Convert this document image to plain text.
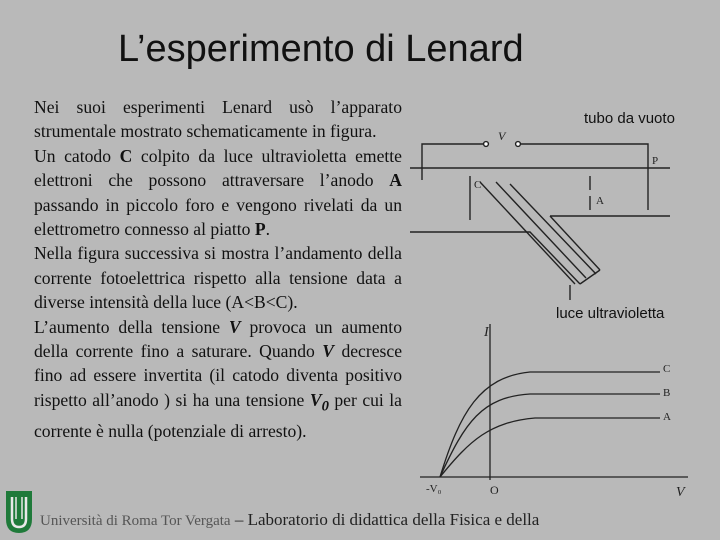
L’esperimento di Lenard

Nei suoi esperimenti Lenard usò l’apparato strumentale mostrato schematicamente in figura.

Un catodo C colpito da luce ultravioletta emette elettroni che possono attraversare l’anodo A passando in piccolo foro e vengono rivelati da un elettrometro connesso al piatto P.

Nella figura successiva si mostra l’andamento della corrente fotoelettrica rispetto alla tensione data a diverse intensità della luce (A<B<C).

L’aumento della tensione V provoca un aumento della corrente fino a saturare. Quando V decresce fino ad essere invertita (il catodo diventa positivo rispetto all’anodo ) si ha una tensione $V_0$ per cui la corrente è nulla (potenziale di arresto).

tubo da vuoto
luce ultravioletta
V
C
A
P
I
V
-V₀	O
C
B
A
Università di Roma Tor Vergata – Laboratorio di didattica della Fisica e della
